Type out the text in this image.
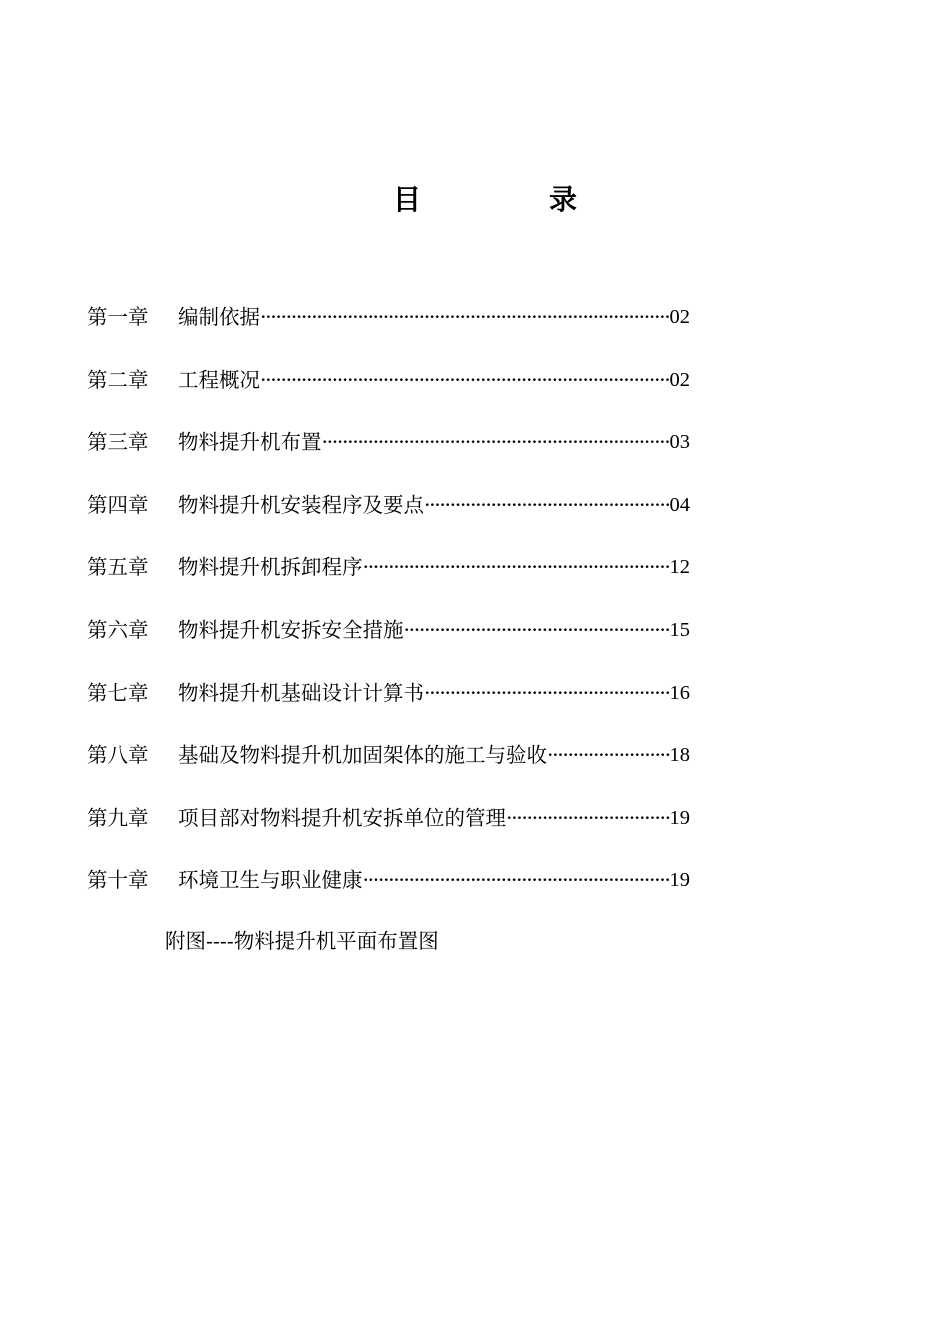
目　录
第一章	编制依据 ·····	02
第二章	工程概况 ·····	02
第三章	物料提升机布置 ·····	03
第四章	物料提升机安装程序及要点 ·····	04
第五章	物料提升机拆卸程序 ·····	12
第六章	物料提升机安拆安全措施 ·····	15
第七章	物料提升机基础设计计算书 ·····	16
第八章	基础及物料提升机加固架体的施工与验收 ·····	18
第九章	项目部对物料提升机安拆单位的管理 ·····	19
第十章	环境卫生与职业健康 ·····	19
附图----物料提升机平面布置图
